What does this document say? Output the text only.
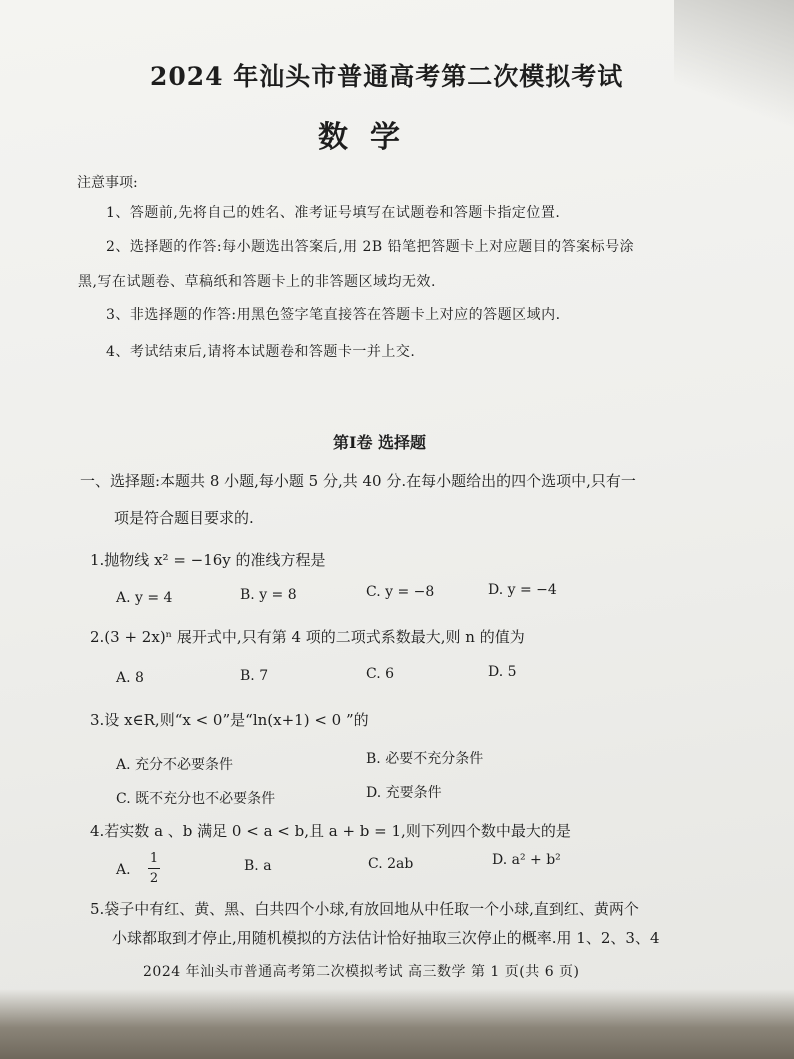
2024 年汕头市普通高考第二次模拟考试
数学
注意事项:
1、答题前,先将自己的姓名、准考证号填写在试题卷和答题卡指定位置.
2、选择题的作答:每小题选出答案后,用 2B 铅笔把答题卡上对应题目的答案标号涂
黑,写在试题卷、草稿纸和答题卡上的非答题区域均无效.
3、非选择题的作答:用黑色签字笔直接答在答题卡上对应的答题区域内.
4、考试结束后,请将本试题卷和答题卡一并上交.
第Ⅰ卷 选择题
一、选择题:本题共 8 小题,每小题 5 分,共 40 分.在每小题给出的四个选项中,只有一
项是符合题目要求的.
1.抛物线 x² = −16y 的准线方程是
A. y = 4	B. y = 8	C. y = −8	D. y = −4
2.(3 + 2x)ⁿ 展开式中,只有第 4 项的二项式系数最大,则 n 的值为
A. 8	B. 7	C. 6	D. 5
3.设 x∈R,则“x < 0”是“ln(x+1) < 0 ”的
A. 充分不必要条件	B. 必要不充分条件
C. 既不充分也不必要条件	D. 充要条件
4.若实数 a 、b 满足 0 < a < b,且 a + b = 1,则下列四个数中最大的是
A.
1
2
B. a	C. 2ab	D. a² + b²
5.袋子中有红、黄、黑、白共四个小球,有放回地从中任取一个小球,直到红、黄两个
小球都取到才停止,用随机模拟的方法估计恰好抽取三次停止的概率.用 1、2、3、4
2024 年汕头市普通高考第二次模拟考试 高三数学 第 1 页(共 6 页)
